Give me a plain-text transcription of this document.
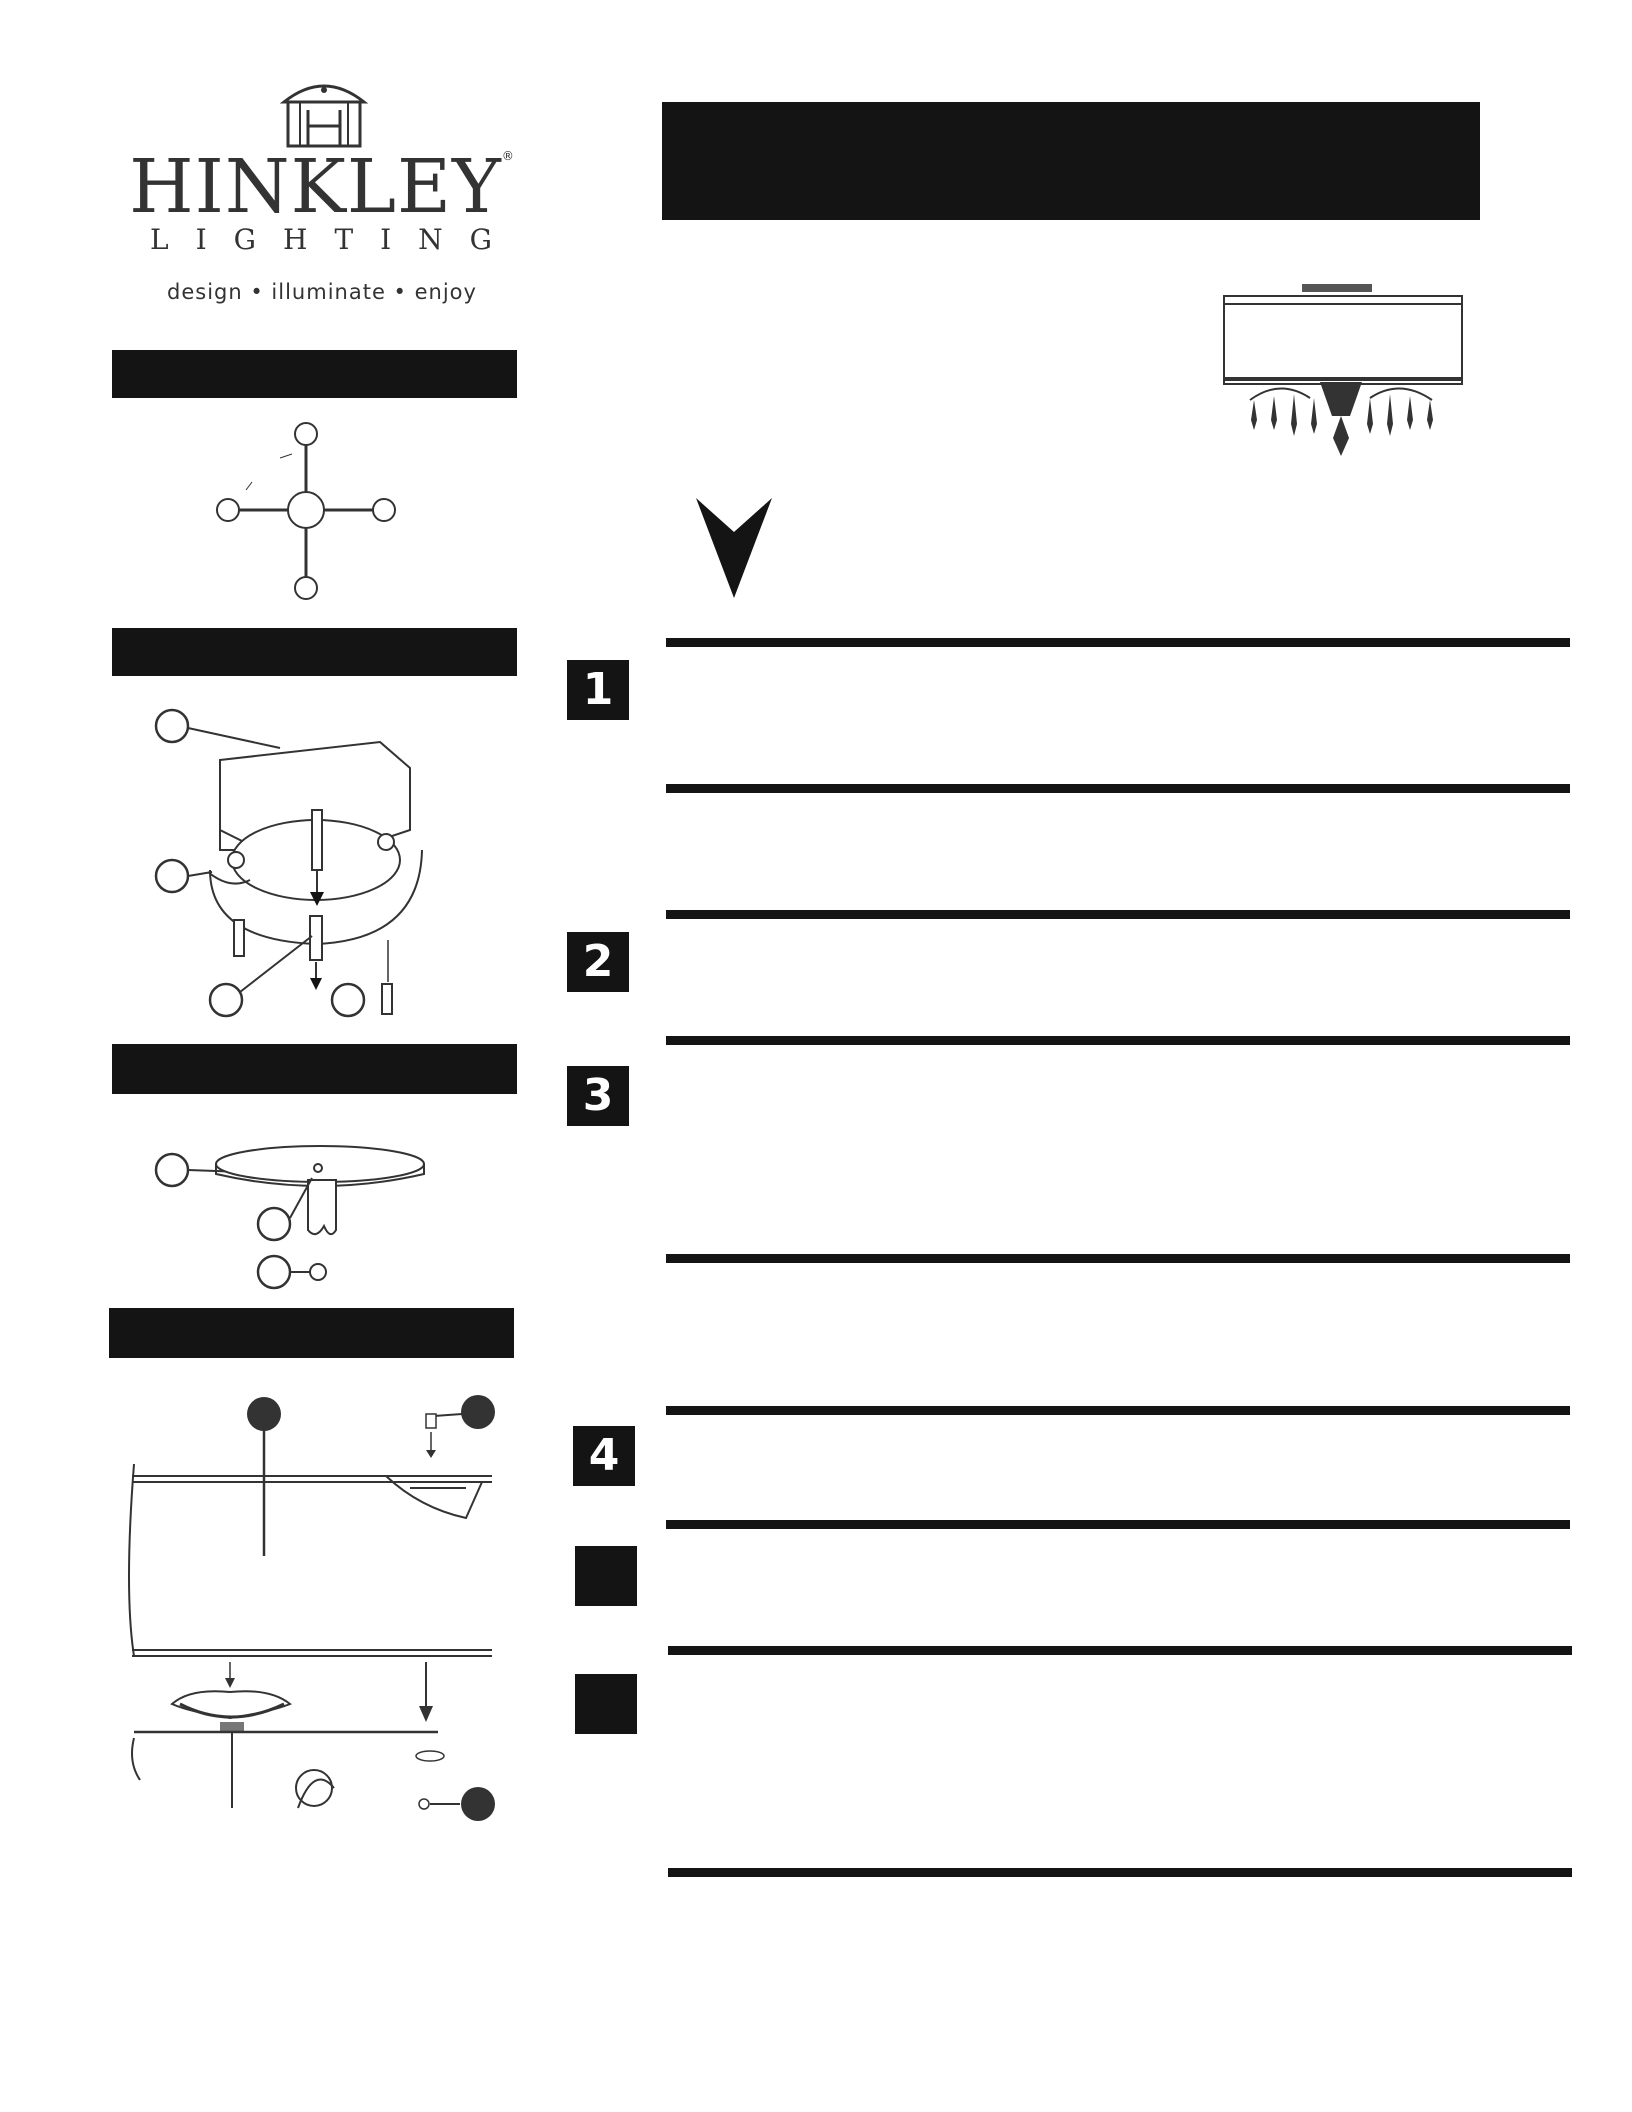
HINKLEY®
LIGHTING
design • illuminate • enjoy
1
2
3
4
